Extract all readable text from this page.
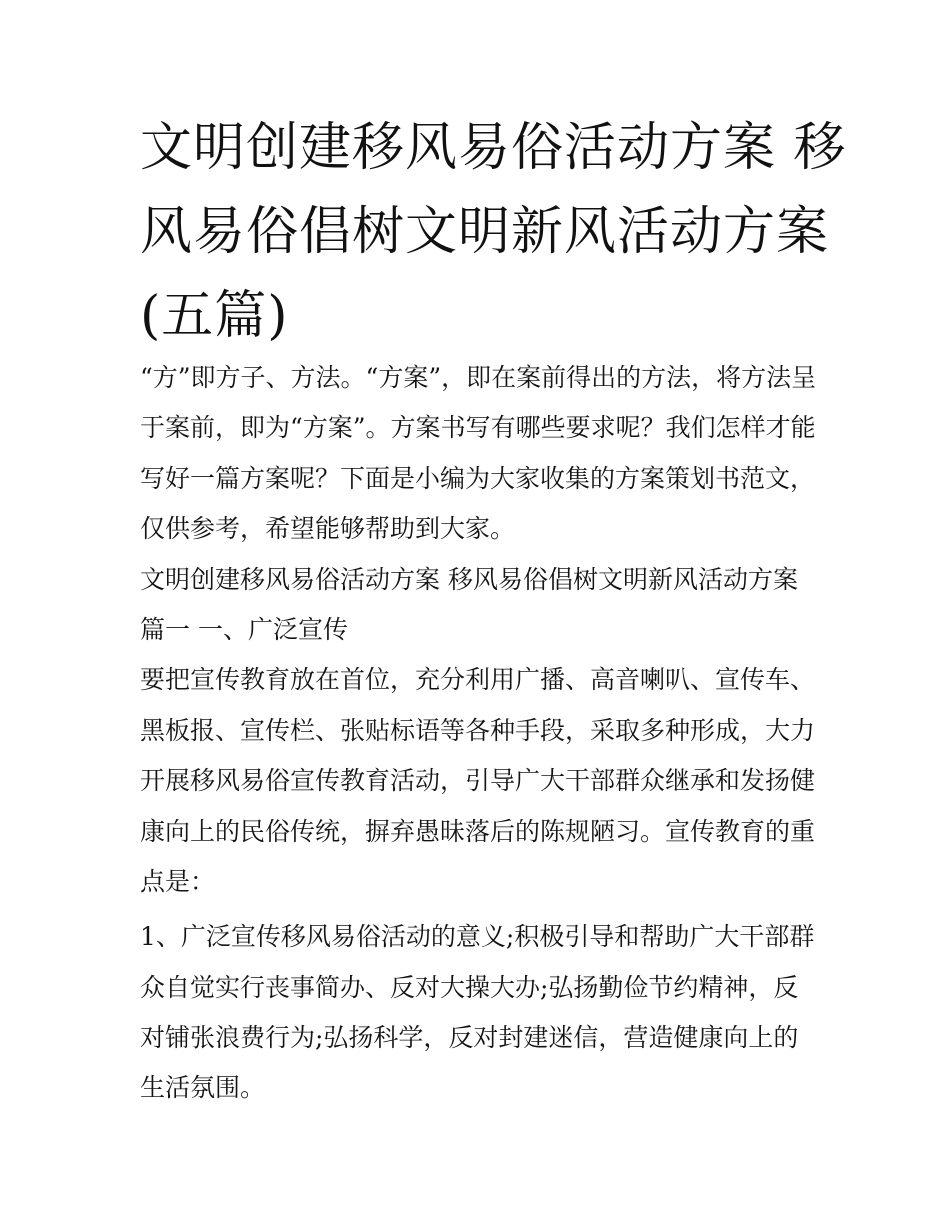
文明创建移风易俗活动方案 移
风易俗倡树文明新风活动方案
(五篇)
“方”即方子、方法。“方案”，即在案前得出的方法，将方法呈
于案前，即为“方案”。方案书写有哪些要求呢？我们怎样才能
写好一篇方案呢？下面是小编为大家收集的方案策划书范文，
仅供参考，希望能够帮助到大家。
文明创建移风易俗活动方案 移风易俗倡树文明新风活动方案
篇一 一、广泛宣传
要把宣传教育放在首位，充分利用广播、高音喇叭、宣传车、
黑板报、宣传栏、张贴标语等各种手段，采取多种形成，大力
开展移风易俗宣传教育活动，引导广大干部群众继承和发扬健
康向上的民俗传统，摒弃愚昧落后的陈规陋习。宣传教育的重
点是：
1、广泛宣传移风易俗活动的意义;积极引导和帮助广大干部群
众自觉实行丧事简办、反对大操大办;弘扬勤俭节约精神，反
对铺张浪费行为;弘扬科学，反对封建迷信，营造健康向上的
生活氛围。
